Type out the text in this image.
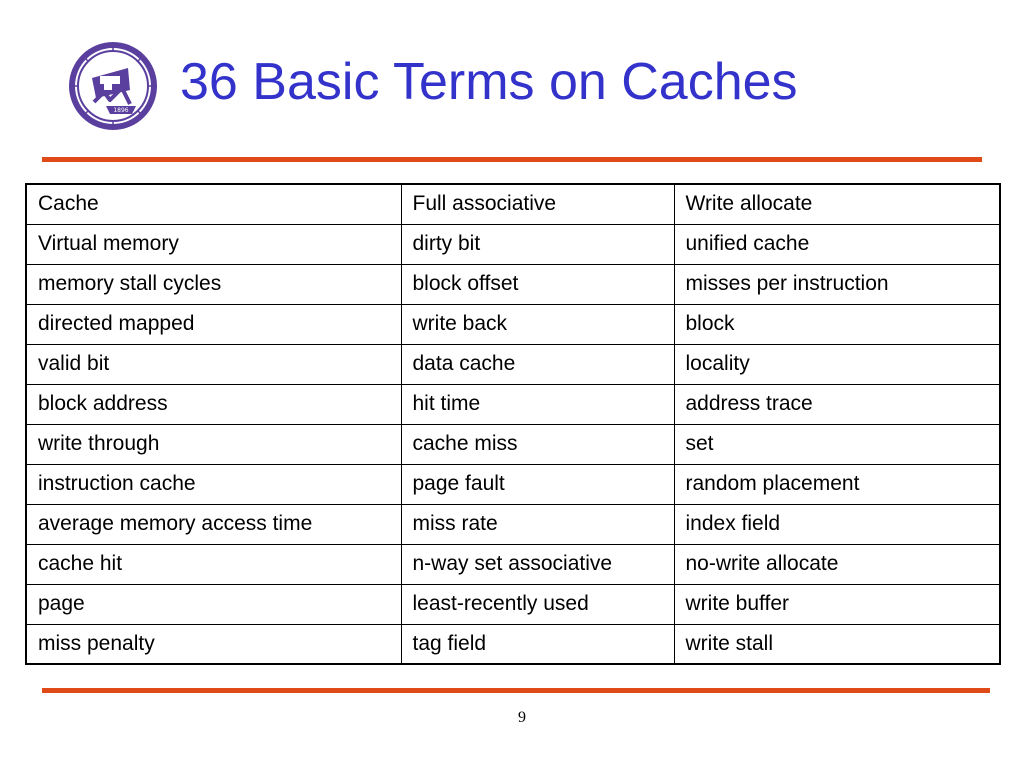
1896 36 Basic Terms on Caches
Cache	Full associative	Write allocate
Virtual memory	dirty bit	unified cache
memory stall cycles	block offset	misses per instruction
directed mapped	write back	block
valid bit	data cache	locality
block address	hit time	address trace
write through	cache miss	set
instruction cache	page fault	random placement
average memory access time	miss rate	index field
cache hit	n-way set associative	no-write allocate
page	least-recently used	write buffer
miss penalty	tag field	write stall
9
